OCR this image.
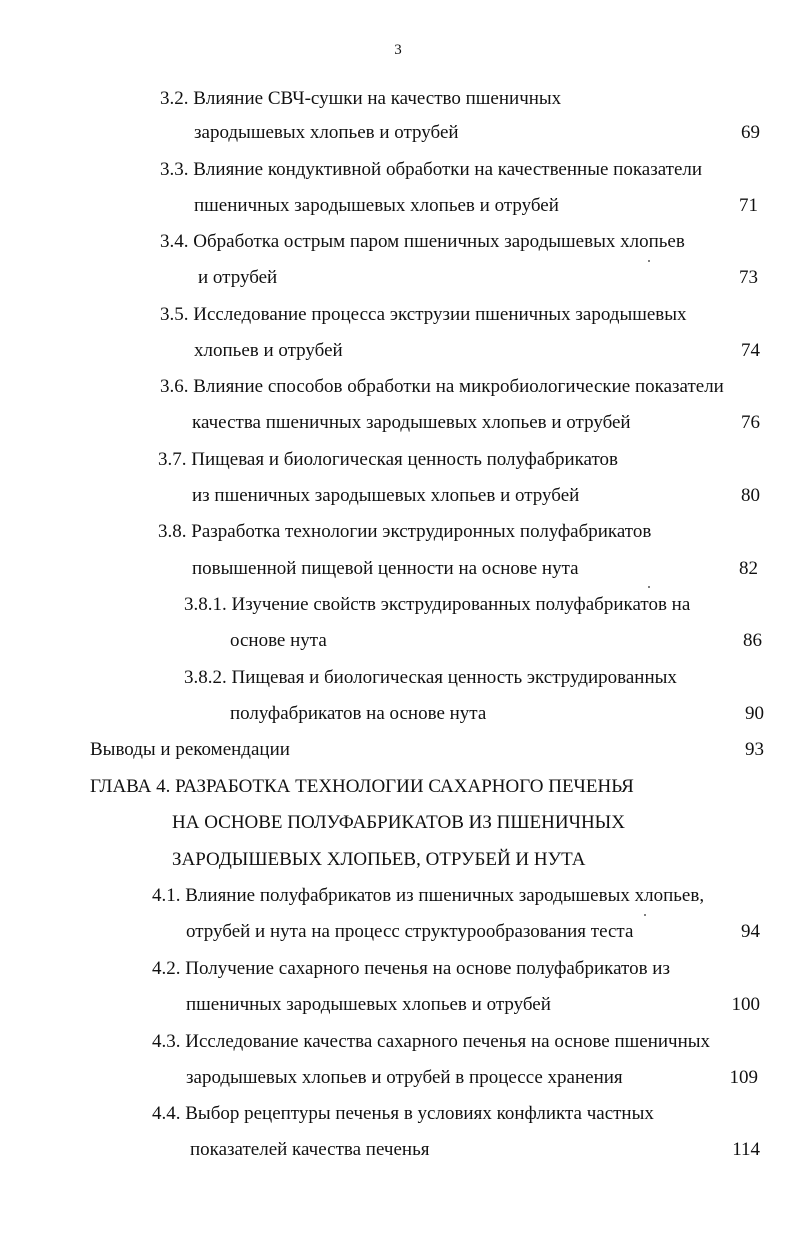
3
3.2. Влияние СВЧ-сушки на качество пшеничных
зародышевых хлопьев и отрубей	69
3.3. Влияние кондуктивной обработки на качественные показатели
пшеничных зародышевых хлопьев и отрубей	71
3.4. Обработка острым паром пшеничных зародышевых хлопьев
и отрубей	73
3.5. Исследование процесса экструзии пшеничных зародышевых
хлопьев и отрубей	74
3.6. Влияние способов обработки на микробиологические показатели
качества пшеничных зародышевых хлопьев и отрубей	76
3.7. Пищевая и биологическая ценность полуфабрикатов
из пшеничных зародышевых хлопьев и отрубей	80
3.8. Разработка технологии экструдиронных полуфабрикатов
повышенной пищевой ценности на основе нута	82
3.8.1. Изучение свойств экструдированных полуфабрикатов на
основе нута	86
3.8.2. Пищевая и биологическая ценность экструдированных
полуфабрикатов на основе нута	90
Выводы и рекомендации	93
ГЛАВА 4. РАЗРАБОТКА ТЕХНОЛОГИИ САХАРНОГО ПЕЧЕНЬЯ
НА ОСНОВЕ ПОЛУФАБРИКАТОВ ИЗ ПШЕНИЧНЫХ
ЗАРОДЫШЕВЫХ ХЛОПЬЕВ, ОТРУБЕЙ И НУТА
4.1. Влияние полуфабрикатов из пшеничных зародышевых хлопьев,
отрубей и нута на процесс структурообразования теста	94
4.2. Получение сахарного печенья на основе полуфабрикатов из
пшеничных зародышевых хлопьев и отрубей	100
4.3. Исследование качества сахарного печенья на основе пшеничных
зародышевых хлопьев и отрубей в процессе хранения	109
4.4. Выбор рецептуры печенья в условиях конфликта частных
показателей качества печенья	114
